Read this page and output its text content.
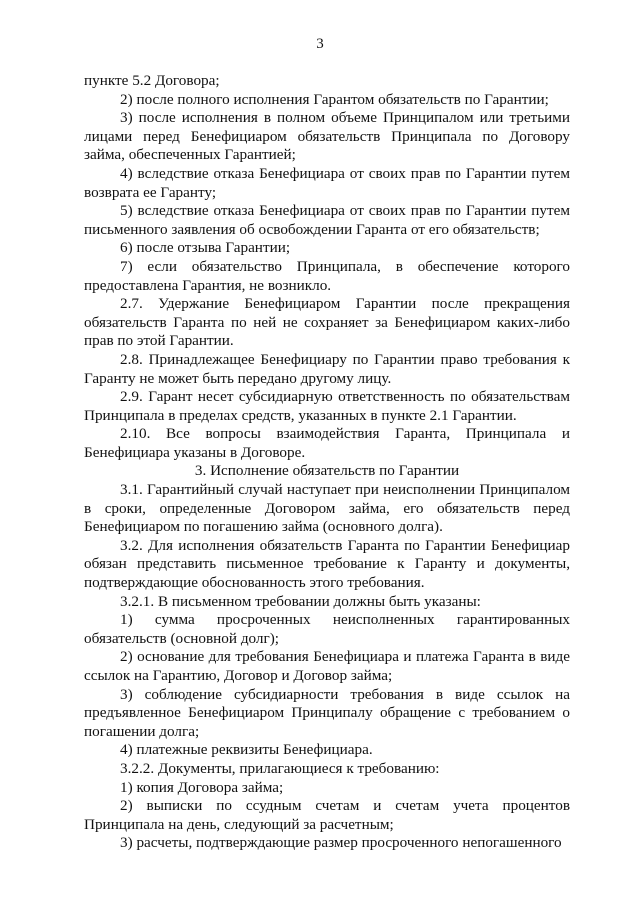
3

пункте 5.2 Договора;

2) после полного исполнения Гарантом обязательств по Гарантии;

3) после исполнения в полном объеме Принципалом или третьими лицами перед Бенефициаром обязательств Принципала по Договору займа, обеспеченных Гарантией;

4) вследствие отказа Бенефициара от своих прав по Гарантии путем возврата ее Гаранту;

5) вследствие отказа Бенефициара от своих прав по Гарантии путем письменного заявления об освобождении Гаранта от его обязательств;

6) после отзыва Гарантии;

7) если обязательство Принципала, в обеспечение которого предоставлена Гарантия, не возникло.

2.7. Удержание Бенефициаром Гарантии после прекращения обязательств Гаранта по ней не сохраняет за Бенефициаром каких-либо прав по этой Гарантии.

2.8. Принадлежащее Бенефициару по Гарантии право требования к Гаранту не может быть передано другому лицу.

2.9. Гарант несет субсидиарную ответственность по обязательствам Принципала в пределах средств, указанных в пункте 2.1 Гарантии.

2.10. Все вопросы взаимодействия Гаранта, Принципала и Бенефициара указаны в Договоре.

3. Исполнение обязательств по Гарантии

3.1. Гарантийный случай наступает при неисполнении Принципалом в сроки, определенные Договором займа, его обязательств перед Бенефициаром по погашению займа (основного долга).

3.2. Для исполнения обязательств Гаранта по Гарантии Бенефициар обязан представить письменное требование к Гаранту и документы, подтверждающие обоснованность этого требования.

3.2.1. В письменном требовании должны быть указаны:

1) сумма просроченных неисполненных гарантированных обязательств (основной долг);

2) основание для требования Бенефициара и платежа Гаранта в виде ссылок на Гарантию, Договор и Договор займа;

3) соблюдение субсидиарности требования в виде ссылок на предъявленное Бенефициаром Принципалу обращение с требованием о погашении долга;

4) платежные реквизиты Бенефициара.

3.2.2. Документы, прилагающиеся к требованию:

1) копия Договора займа;

2) выписки по ссудным счетам и счетам учета процентов Принципала на день, следующий за расчетным;

3) расчеты, подтверждающие размер просроченного непогашенного
